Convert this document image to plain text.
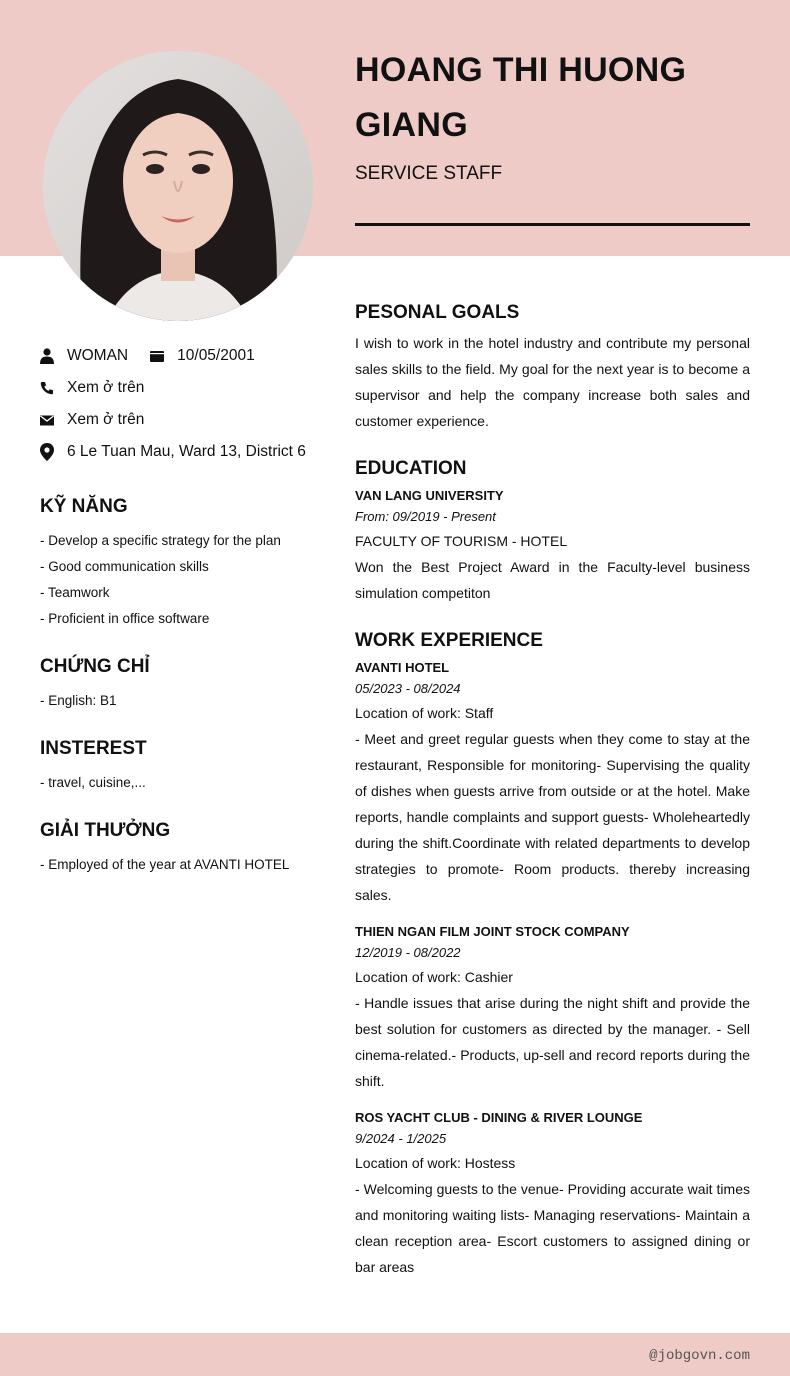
HOANG THI HUONG GIANG
SERVICE STAFF
WOMAN	10/05/2001
Xem ở trên
Xem ở trên
6 Le Tuan Mau, Ward 13, District 6
KỸ NĂNG
- Develop a specific strategy for the plan
- Good communication skills
- Teamwork
- Proficient in office software
CHỨNG CHỈ
- English: B1
INSTEREST
- travel, cuisine,...
GIẢI THƯỞNG
- Employed of the year at AVANTI HOTEL
PESONAL GOALS
I wish to work in the hotel industry and contribute my personal sales skills to the field. My goal for the next year is to become a supervisor and help the company increase both sales and customer experience.
EDUCATION
VAN LANG UNIVERSITY
From: 09/2019 - Present
FACULTY OF TOURISM - HOTEL
Won the Best Project Award in the Faculty-level business simulation competiton
WORK EXPERIENCE
AVANTI HOTEL
05/2023 - 08/2024
Location of work: Staff
- Meet and greet regular guests when they come to stay at the restaurant, Responsible for monitoring- Supervising the quality of dishes when guests arrive from outside or at the hotel. Make reports, handle complaints and support guests- Wholeheartedly during the shift.Coordinate with related departments to develop strategies to promote- Room products. thereby increasing sales.
THIEN NGAN FILM JOINT STOCK COMPANY
12/2019 - 08/2022
Location of work: Cashier
- Handle issues that arise during the night shift and provide the best solution for customers as directed by the manager. - Sell cinema-related.- Products, up-sell and record reports during the shift.
ROS YACHT CLUB - DINING & RIVER LOUNGE
9/2024 - 1/2025
Location of work: Hostess
- Welcoming guests to the venue- Providing accurate wait times and monitoring waiting lists- Managing reservations- Maintain a clean reception area- Escort customers to assigned dining or bar areas
@jobgovn.com
